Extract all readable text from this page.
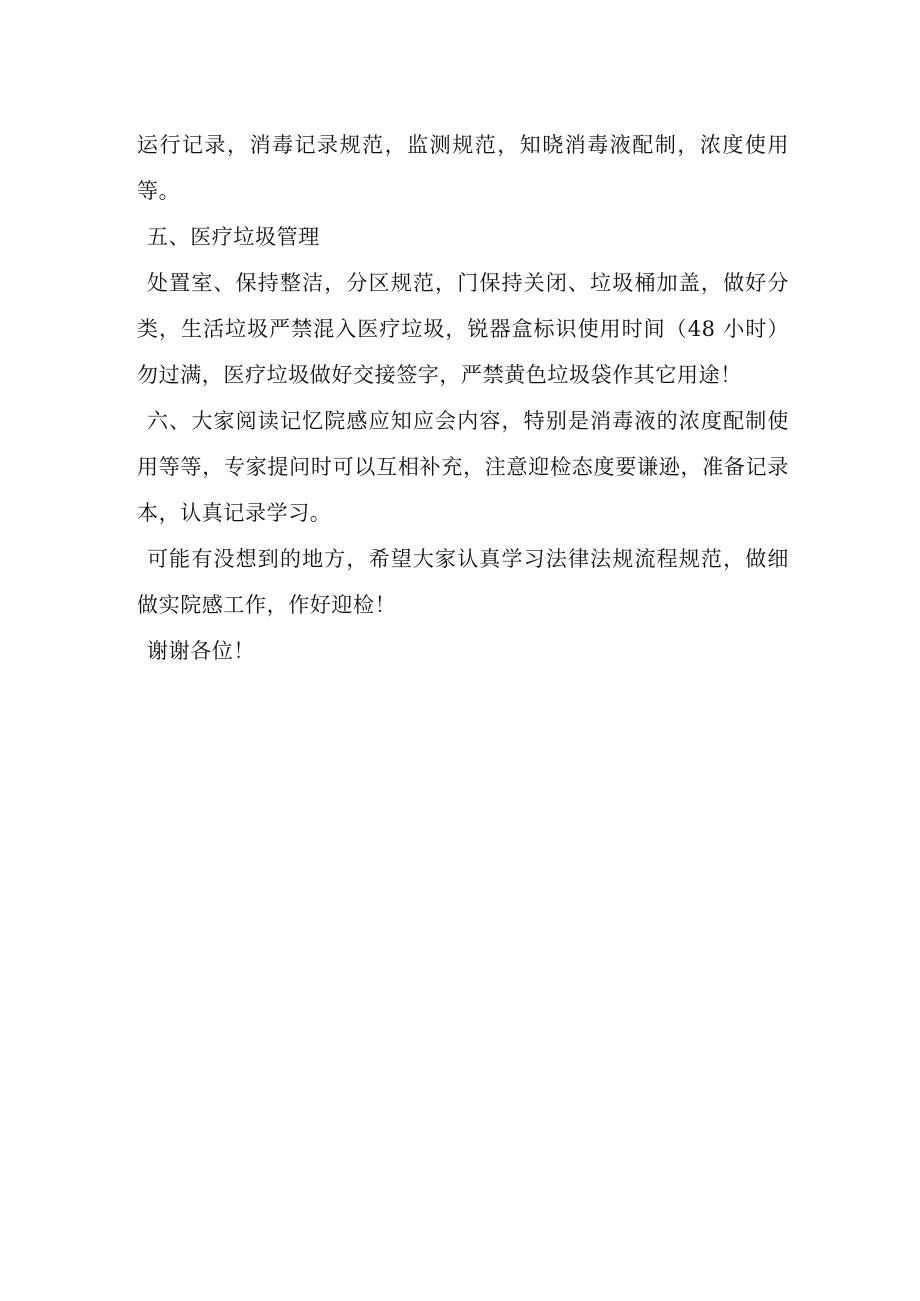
运行记录，消毒记录规范，监测规范，知晓消毒液配制，浓度使用等。

五、医疗垃圾管理

处置室、保持整洁，分区规范，门保持关闭、垃圾桶加盖，做好分类，生活垃圾严禁混入医疗垃圾，锐器盒标识使用时间（48 小时）勿过满，医疗垃圾做好交接签字，严禁黄色垃圾袋作其它用途！

六、大家阅读记忆院感应知应会内容，特别是消毒液的浓度配制使用等等，专家提问时可以互相补充，注意迎检态度要谦逊，准备记录本，认真记录学习。

可能有没想到的地方，希望大家认真学习法律法规流程规范，做细做实院感工作，作好迎检！

谢谢各位！
